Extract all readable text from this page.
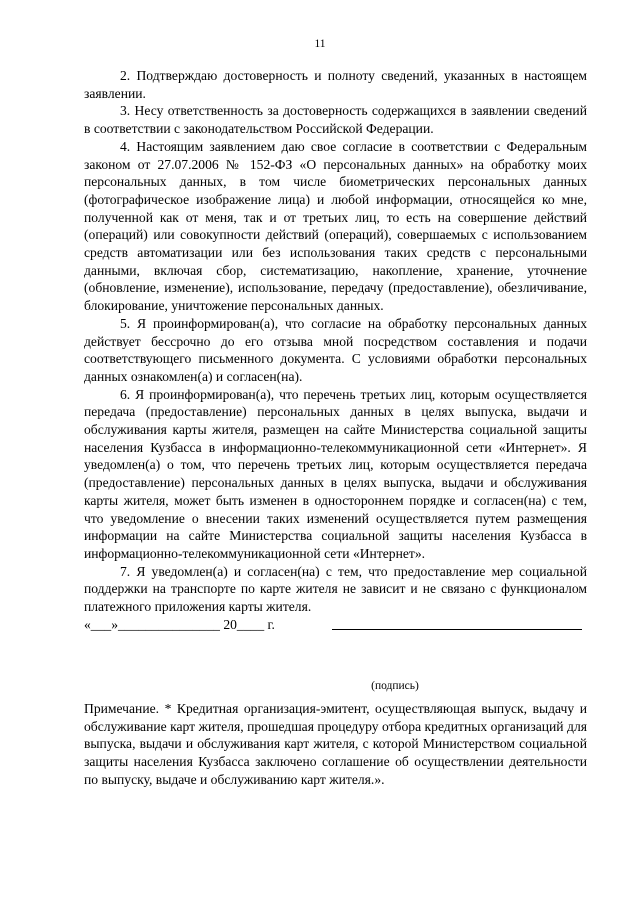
11

2. Подтверждаю достоверность и полноту сведений, указанных в настоящем заявлении.

3. Несу ответственность за достоверность содержащихся в заявлении сведений в соответствии с законодательством Российской Федерации.

4. Настоящим заявлением даю свое согласие в соответствии с Федеральным законом от 27.07.2006 № 152-ФЗ «О персональных данных» на обработку моих персональных данных, в том числе биометрических персональных данных (фотографическое изображение лица) и любой информации, относящейся ко мне, полученной как от меня, так и от третьих лиц, то есть на совершение действий (операций) или совокупности действий (операций), совершаемых с использованием средств автоматизации или без использования таких средств с персональными данными, включая сбор, систематизацию, накопление, хранение, уточнение (обновление, изменение), использование, передачу (предоставление), обезличивание, блокирование, уничтожение персональных данных.

5. Я проинформирован(а), что согласие на обработку персональных данных действует бессрочно до его отзыва мной посредством составления и подачи соответствующего письменного документа. С условиями обработки персональных данных ознакомлен(а) и согласен(на).

6. Я проинформирован(а), что перечень третьих лиц, которым осуществляется передача (предоставление) персональных данных в целях выпуска, выдачи и обслуживания карты жителя, размещен на сайте Министерства социальной защиты населения Кузбасса в информационно-телекоммуникационной сети «Интернет». Я уведомлен(а) о том, что перечень третьих лиц, которым осуществляется передача (предоставление) персональных данных в целях выпуска, выдачи и обслуживания карты жителя, может быть изменен в одностороннем порядке и согласен(на) с тем, что уведомление о внесении таких изменений осуществляется путем размещения информации на сайте Министерства социальной защиты населения Кузбасса в информационно-телекоммуникационной сети «Интернет».

7. Я уведомлен(а) и согласен(на) с тем, что предоставление мер социальной поддержки на транспорте по карте жителя не зависит и не связано с функционалом платежного приложения карты жителя.

«___»_______________ 20____ г.
(подпись)

Примечание. * Кредитная организация-эмитент, осуществляющая выпуск, выдачу и обслуживание карт жителя, прошедшая процедуру отбора кредитных организаций для выпуска, выдачи и обслуживания карт жителя, с которой Министерством социальной защиты населения Кузбасса заключено соглашение об осуществлении деятельности по выпуску, выдаче и обслуживанию карт жителя.».
